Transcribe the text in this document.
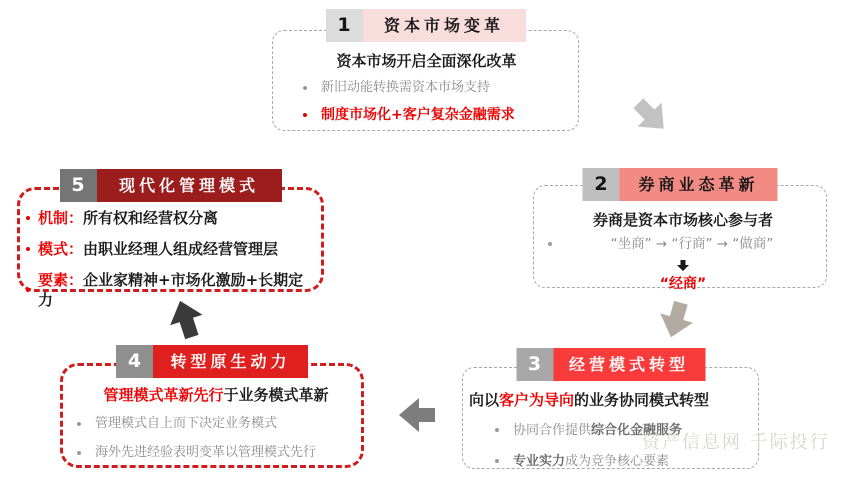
1	资本市场变革
资本市场开启全面深化改革
新旧动能转换需资本市场支持
制度市场化+客户复杂金融需求
2	券商业态革新
券商是资本市场核心参与者
“坐商” → “行商” → “做商”
“经商”
3	经营模式转型
向以客户为导向的业务协同模式转型
协同合作提供综合化金融服务
专业实力成为竞争核心要素
4	转型原生动力
管理模式革新先行于业务模式革新
管理模式自上而下决定业务模式
海外先进经验表明变革以管理模式先行
5	现代化管理模式
机制：所有权和经营权分离
模式：由职业经理人组成经营管理层
要素：企业家精神+市场化激励+长期定力
资产信息网 千际投行
